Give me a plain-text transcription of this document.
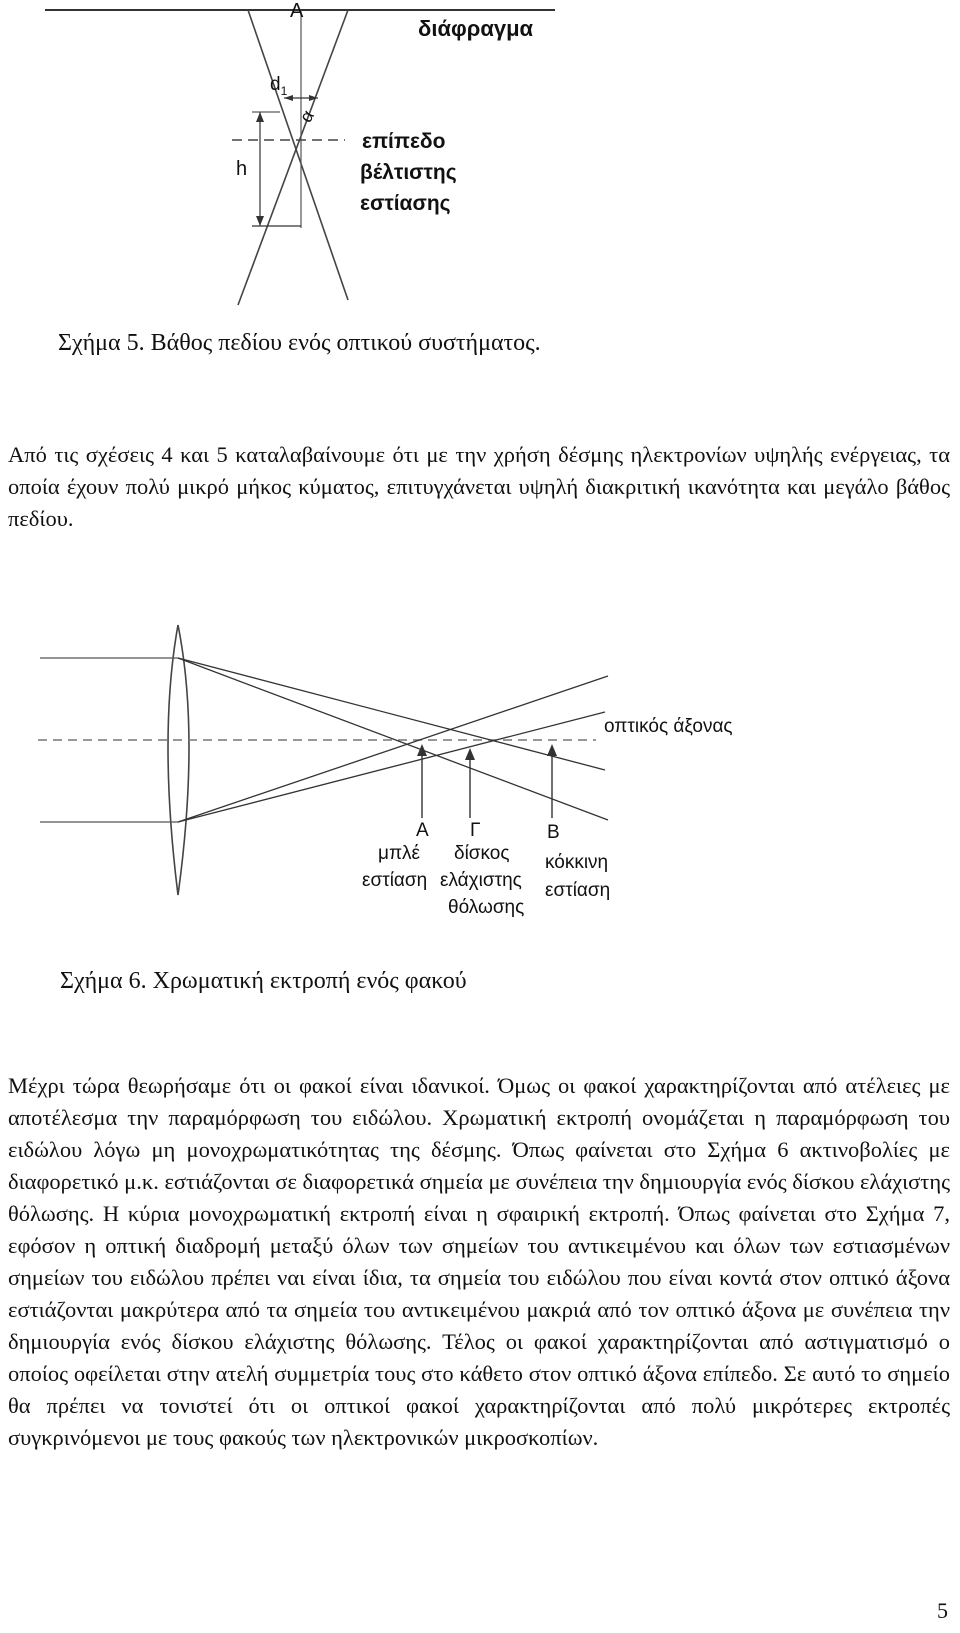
A
διάφραγμα
$d_1$
α
h
επίπεδο
βέλτιστης
εστίασης
Σχήμα 5. Βάθος πεδίου ενός οπτικού συστήματος.
Από τις σχέσεις 4 και 5 καταλαβαίνουμε ότι με την χρήση δέσμης ηλεκτρονίων υψηλής ενέργειας, τα οποία έχουν πολύ μικρό μήκος κύματος, επιτυγχάνεται υψηλή διακριτική ικανότητα και μεγάλο βάθος πεδίου.
οπτικός άξονας
A Γ	B
μπλέ
εστίαση
δίσκος
ελάχιστης
θόλωσης
κόκκινη
εστίαση
Σχήμα 6. Χρωματική εκτροπή ενός φακού
Μέχρι τώρα θεωρήσαμε ότι οι φακοί είναι ιδανικοί. Όμως οι φακοί χαρακτηρίζονται από ατέλειες με αποτέλεσμα την παραμόρφωση του ειδώλου. Χρωματική εκτροπή ονομάζεται η παραμόρφωση του ειδώλου λόγω μη μονοχρωματικότητας της δέσμης. Όπως φαίνεται στο Σχήμα 6 ακτινοβολίες με διαφορετικό μ.κ. εστιάζονται σε διαφορετικά σημεία με συνέπεια την δημιουργία ενός δίσκου ελάχιστης θόλωσης. Η κύρια μονοχρωματική εκτροπή είναι η σφαιρική εκτροπή. Όπως φαίνεται στο Σχήμα 7, εφόσον η οπτική διαδρομή μεταξύ όλων των σημείων του αντικειμένου και όλων των εστιασμένων σημείων του ειδώλου πρέπει ναι είναι ίδια, τα σημεία του ειδώλου που είναι κοντά στον οπτικό άξονα εστιάζονται μακρύτερα από τα σημεία του αντικειμένου μακριά από τον οπτικό άξονα με συνέπεια την δημιουργία ενός δίσκου ελάχιστης θόλωσης. Τέλος οι φακοί χαρακτηρίζονται από αστιγματισμό ο οποίος οφείλεται στην ατελή συμμετρία τους στο κάθετο στον οπτικό άξονα επίπεδο. Σε αυτό το σημείο θα πρέπει να τονιστεί ότι οι οπτικοί φακοί χαρακτηρίζονται από πολύ μικρότερες εκτροπές συγκρινόμενοι με τους φακούς των ηλεκτρονικών μικροσκοπίων.
5
